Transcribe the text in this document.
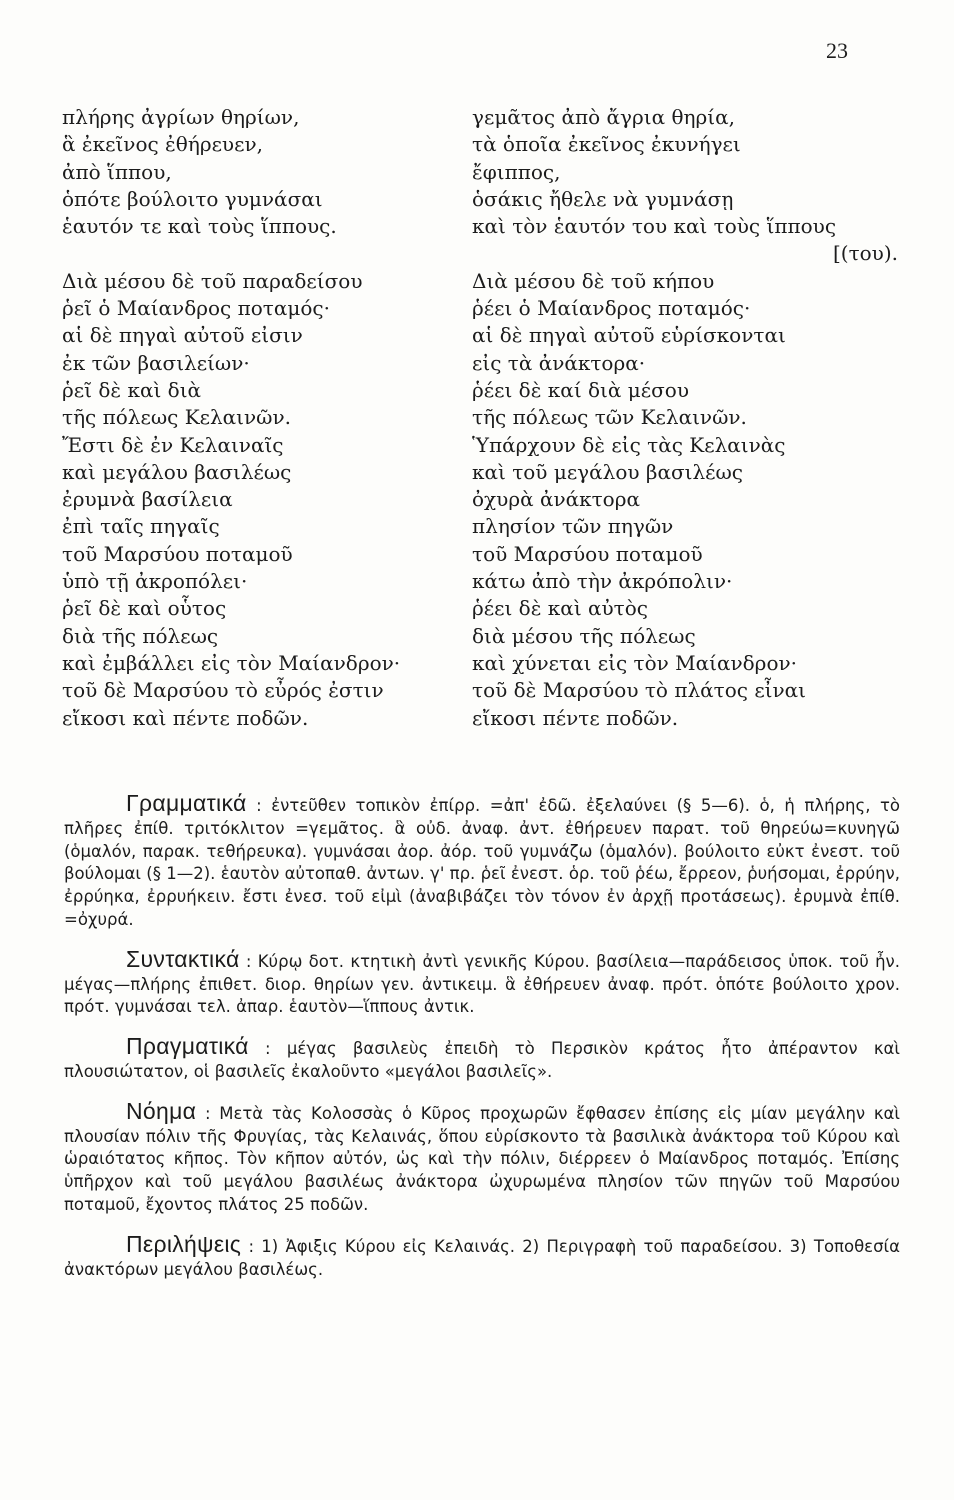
23
πλήρης ἀγρίων θηρίων,
ἃ ἐκεῖνος ἐθήρευεν,
ἀπὸ ἵππου,
ὁπότε βούλοιτο γυμνάσαι
ἑαυτόν τε καὶ τοὺς ἵππους.
Διὰ μέσου δὲ τοῦ παραδείσου
ῥεῖ ὁ Μαίανδρος ποταμός·
αἱ δὲ πηγαὶ αὐτοῦ εἰσιν
ἐκ τῶν βασιλείων·
ῥεῖ δὲ καὶ διὰ
τῆς πόλεως Κελαινῶν.
Ἔστι δὲ ἐν Κελαιναῖς
καὶ μεγάλου βασιλέως
ἐρυμνὰ βασίλεια
ἐπὶ ταῖς πηγαῖς
τοῦ Μαρσύου ποταμοῦ
ὑπὸ τῇ ἀκροπόλει·
ῥεῖ δὲ καὶ οὗτος
διὰ τῆς πόλεως
καὶ ἐμβάλλει εἰς τὸν Μαίανδρον·
τοῦ δὲ Μαρσύου τὸ εὖρός ἐστιν
εἴκοσι καὶ πέντε ποδῶν.
γεμᾶτος ἀπὸ ἄγρια θηρία,
τὰ ὁποῖα ἐκεῖνος ἐκυνήγει
ἔφιππος,
ὁσάκις ἤθελε νὰ γυμνάσῃ
καὶ τὸν ἑαυτόν του καὶ τοὺς ἵππους
[(του).
Διὰ μέσου δὲ τοῦ κήπου
ῥέει ὁ Μαίανδρος ποταμός·
αἱ δὲ πηγαὶ αὐτοῦ εὑρίσκονται
εἰς τὰ ἀνάκτορα·
ῥέει δὲ καί διὰ μέσου
τῆς πόλεως τῶν Κελαινῶν.
Ὑπάρχουν δὲ εἰς τὰς Κελαινὰς
καὶ τοῦ μεγάλου βασιλέως
ὀχυρὰ ἀνάκτορα
πλησίον τῶν πηγῶν
τοῦ Μαρσύου ποταμοῦ
κάτω ἀπὸ τὴν ἀκρόπολιν·
ῥέει δὲ καὶ αὐτὸς
διὰ μέσου τῆς πόλεως
καὶ χύνεται εἰς τὸν Μαίανδρον·
τοῦ δὲ Μαρσύου τὸ πλάτος εἶναι
εἴκοσι πέντε ποδῶν.
Γραμματικά : ἐντεῦθεν τοπικὸν ἐπίρρ. =ἀπ' ἐδῶ. ἐξελαύνει (§ 5—6). ὁ, ἡ πλήρης, τὸ πλῆρες ἐπίθ. τριτόκλιτον =γεμᾶτος. ἃ οὐδ. ἀναφ. ἀντ. ἐθήρευεν παρατ. τοῦ θηρεύω=κυνηγῶ (ὁμαλόν, παρακ. τεθήρευκα). γυμνάσαι ἀορ. ἀόρ. τοῦ γυμνάζω (ὁμαλόν). βούλοιτο εὐκτ ἐνεστ. τοῦ βούλομαι (§ 1—2). ἑαυτὸν αὐτοπαθ. ἀντων. γ' πρ. ῥεῖ ἐνεστ. ὁρ. τοῦ ῥέω, ἔρρεον, ῥυήσομαι, ἐρρύην, ἐρρύηκα, ἐρρυήκειν. ἔστι ἐνεσ. τοῦ εἰμὶ (ἀναβιβάζει τὸν τόνον ἐν ἀρχῇ προτάσεως). ἐρυμνὰ ἐπίθ. =ὀχυρά.
Συντακτικά : Κύρῳ δοτ. κτητικὴ ἀντὶ γενικῆς Κύρου. βασίλεια—παράδεισος ὑποκ. τοῦ ἦν. μέγας—πλήρης ἐπιθετ. διορ. θηρίων γεν. ἀντικειμ. ἃ ἐθήρευεν ἀναφ. πρότ. ὁπότε βούλοιτο χρον. πρότ. γυμνάσαι τελ. ἀπαρ. ἑαυτὸν—ἵππους ἀντικ.
Πραγματικά : μέγας βασιλεὺς ἐπειδὴ τὸ Περσικὸν κράτος ἦτο ἀπέραντον καὶ πλουσιώτατον, οἱ βασιλεῖς ἐκαλοῦντο «μεγάλοι βασιλεῖς».
Νόημα : Μετὰ τὰς Κολοσσὰς ὁ Κῦρος προχωρῶν ἔφθασεν ἐπίσης εἰς μίαν μεγάλην καὶ πλουσίαν πόλιν τῆς Φρυγίας, τὰς Κελαινάς, ὅπου εὑρίσκοντο τὰ βασιλικὰ ἀνάκτορα τοῦ Κύρου καὶ ὡραιότατος κῆπος. Τὸν κῆπον αὐτόν, ὡς καὶ τὴν πόλιν, διέρρεεν ὁ Μαίανδρος ποταμός. Ἐπίσης ὑπῆρχον καὶ τοῦ μεγάλου βασιλέως ἀνάκτορα ὠχυρωμένα πλησίον τῶν πηγῶν τοῦ Μαρσύου ποταμοῦ, ἔχοντος πλάτος 25 ποδῶν.
Περιλήψεις : 1) Ἀφιξις Κύρου εἰς Κελαινάς. 2) Περιγραφὴ τοῦ παραδείσου. 3) Τοποθεσία ἀνακτόρων μεγάλου βασιλέως.
